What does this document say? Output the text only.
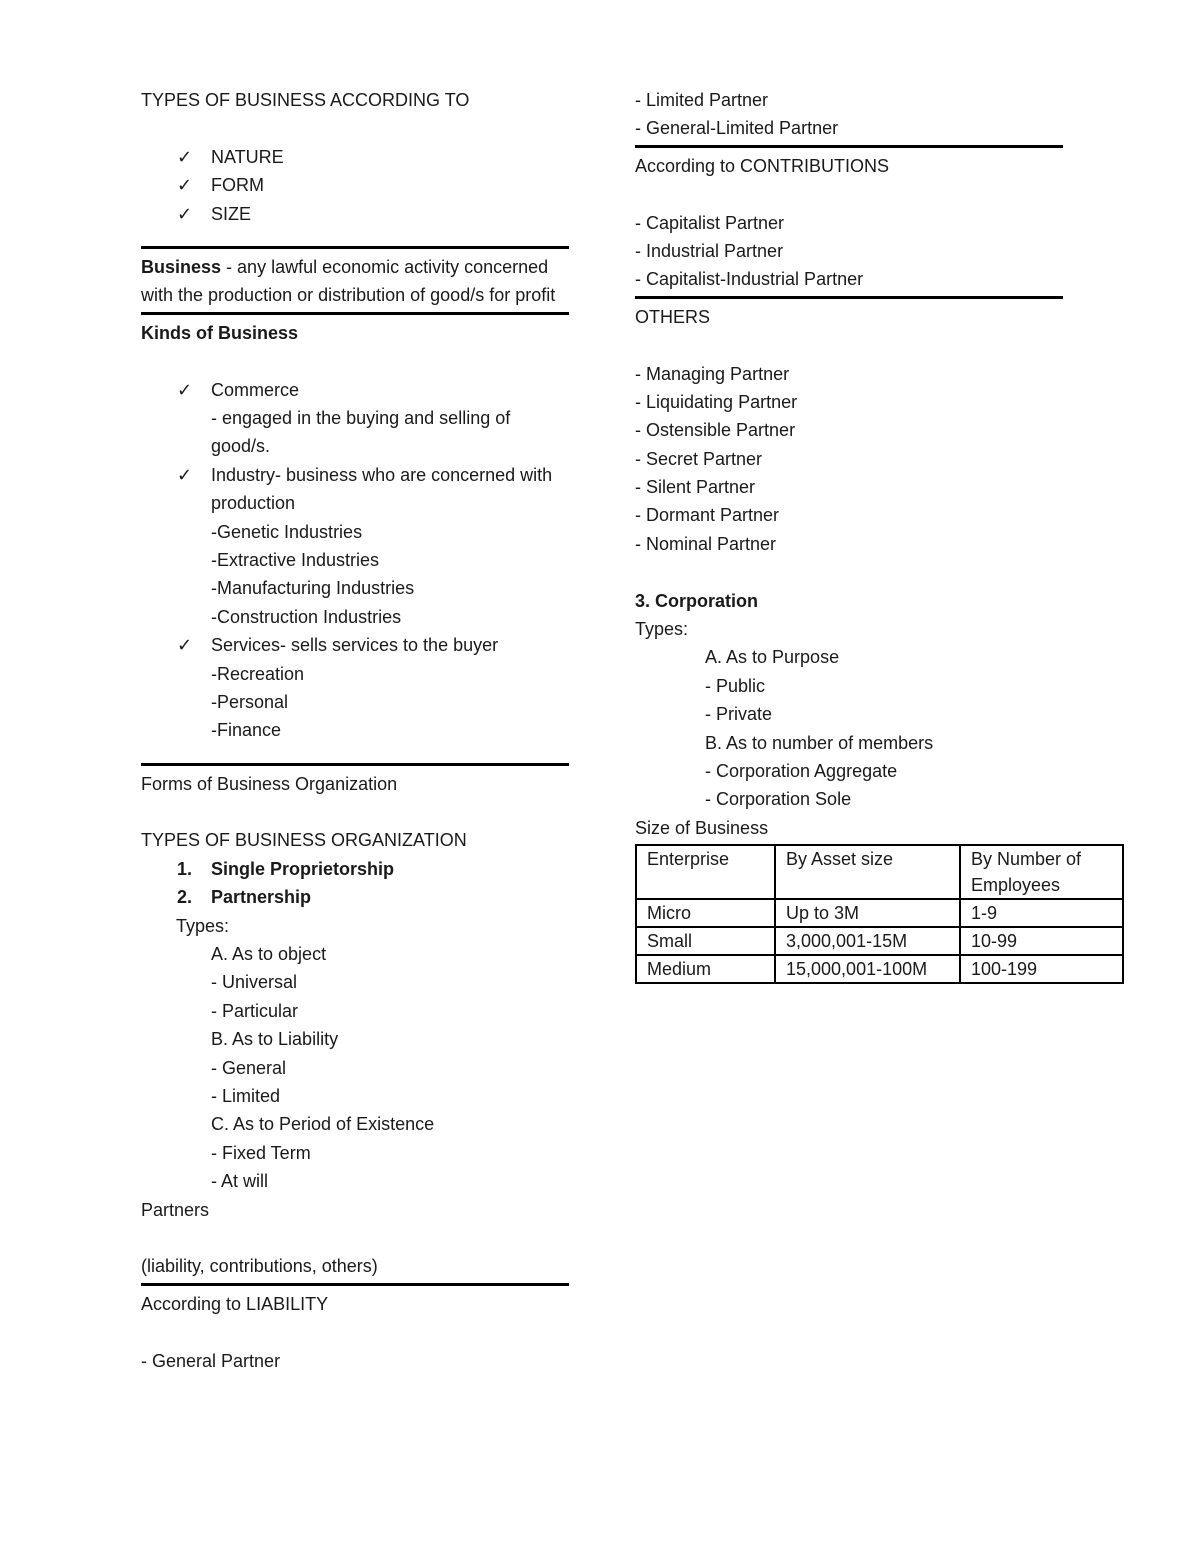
TYPES OF BUSINESS ACCORDING TO
✓ NATURE
✓ FORM
✓ SIZE
Business - any lawful economic activity concerned with the production or distribution of good/s for profit
Kinds of Business
✓ Commerce
- engaged in the buying and selling of good/s.
✓ Industry- business who are concerned with production
-Genetic Industries
-Extractive Industries
-Manufacturing Industries
-Construction Industries
✓ Services- sells services to the buyer
-Recreation
-Personal
-Finance
Forms of Business Organization
TYPES OF BUSINESS ORGANIZATION
1. Single Proprietorship
2. Partnership
Types:
A. As to object
- Universal
- Particular
B. As to Liability
- General
- Limited
C. As to Period of Existence
- Fixed Term
- At will
Partners
(liability, contributions, others)
According to LIABILITY
- General Partner
- Limited Partner
- General-Limited Partner
According to CONTRIBUTIONS
- Capitalist Partner
- Industrial Partner
- Capitalist-Industrial Partner
OTHERS
- Managing Partner
- Liquidating Partner
- Ostensible Partner
- Secret Partner
- Silent Partner
- Dormant Partner
- Nominal Partner
3. Corporation
Types:
A. As to Purpose
- Public
- Private
B. As to number of members
- Corporation Aggregate
- Corporation Sole
Size of Business
Enterprise	By Asset size	By Number of Employees
Micro	Up to 3M	1-9
Small	3,000,001-15M	10-99
Medium	15,000,001-100M	100-199
